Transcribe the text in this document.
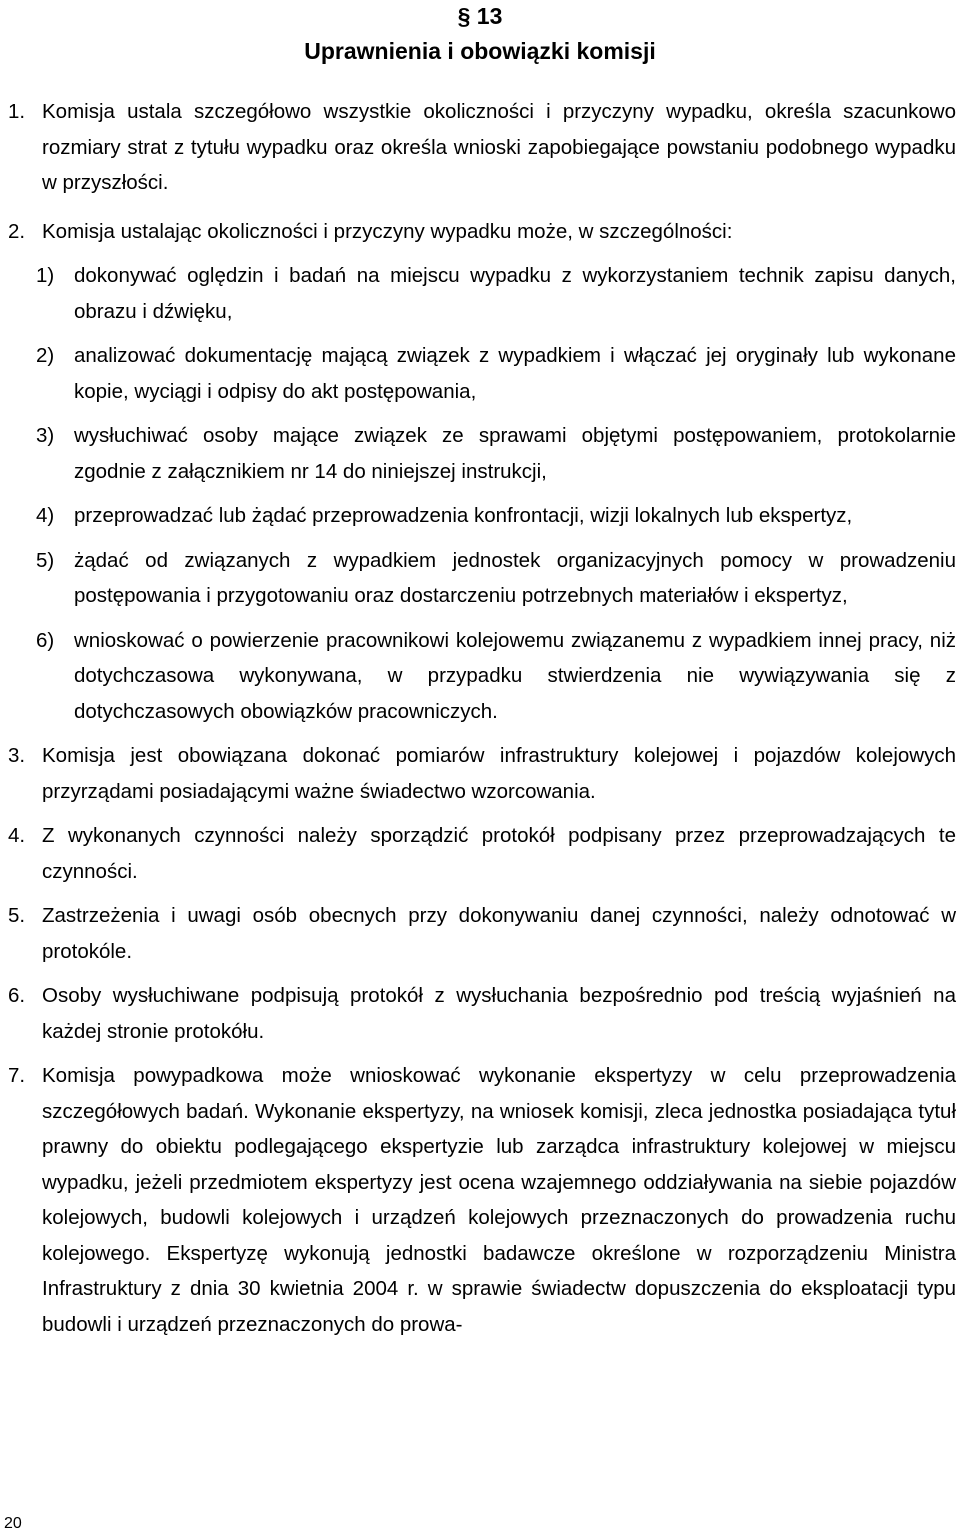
§ 13
Uprawnienia i obowiązki komisji

1. Komisja ustala szczegółowo wszystkie okoliczności i przyczyny wypadku, określa szacunkowo rozmiary strat z tytułu wypadku oraz określa wnioski zapobiegające powstaniu podobnego wypadku w przyszłości.

2. Komisja ustalając okoliczności i przyczyny wypadku może, w szczególności:

1) dokonywać oględzin i badań na miejscu wypadku z wykorzystaniem technik zapisu danych, obrazu i dźwięku,

2) analizować dokumentację mającą związek z wypadkiem i włączać jej oryginały lub wykonane kopie, wyciągi i odpisy do akt postępowania,

3) wysłuchiwać osoby mające związek ze sprawami objętymi postępowaniem, protokolarnie zgodnie z załącznikiem nr 14 do niniejszej instrukcji,

4) przeprowadzać lub żądać przeprowadzenia konfrontacji, wizji lokalnych lub ekspertyz,

5) żądać od związanych z wypadkiem jednostek organizacyjnych pomocy w prowadzeniu postępowania i przygotowaniu oraz dostarczeniu potrzebnych materiałów i ekspertyz,

6) wnioskować o powierzenie pracownikowi kolejowemu związanemu z wypadkiem innej pracy, niż dotychczasowa wykonywana, w przypadku stwierdzenia nie wywiązywania się z dotychczasowych obowiązków pracowniczych.

3. Komisja jest obowiązana dokonać pomiarów infrastruktury kolejowej i pojazdów kolejowych przyrządami posiadającymi ważne świadectwo wzorcowania.

4. Z wykonanych czynności należy sporządzić protokół podpisany przez przeprowadzających te czynności.

5. Zastrzeżenia i uwagi osób obecnych przy dokonywaniu danej czynności, należy odnotować w protokóle.

6. Osoby wysłuchiwane podpisują protokół z wysłuchania bezpośrednio pod treścią wyjaśnień na każdej stronie protokółu.

7. Komisja powypadkowa może wnioskować wykonanie ekspertyzy w celu przeprowadzenia szczegółowych badań. Wykonanie ekspertyzy, na wniosek komisji, zleca jednostka posiadająca tytuł prawny do obiektu podlegającego ekspertyzie lub zarządca infrastruktury kolejowej w miejscu wypadku, jeżeli przedmiotem ekspertyzy jest ocena wzajemnego oddziaływania na siebie pojazdów kolejowych, budowli kolejowych i urządzeń kolejowych przeznaczonych do prowadzenia ruchu kolejowego. Ekspertyzę wykonują jednostki badawcze określone w rozporządzeniu Ministra Infrastruktury z dnia 30 kwietnia 2004 r. w sprawie świadectw dopuszczenia do eksploatacji typu budowli i urządzeń przeznaczonych do prowa-

20
